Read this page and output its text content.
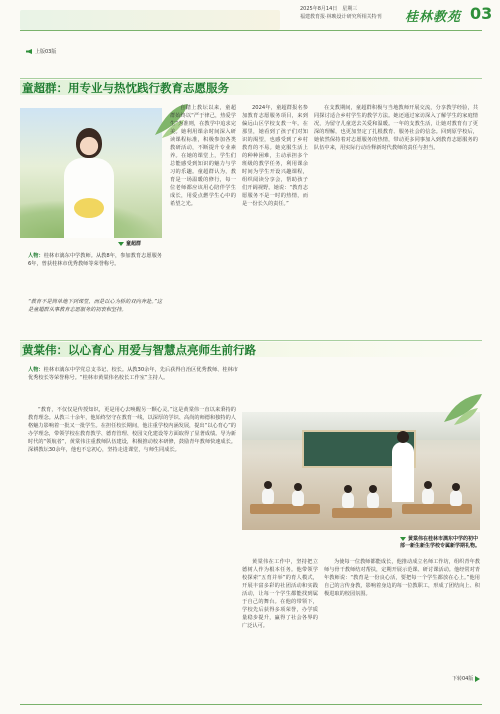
2025年8月14日　星期三
福建教育报·林映设计研究所相关特刊 桂林教苑 03
上版03版
童超群：用专业与热忱践行教育志愿服务
童超群
人物：桂林市漓东中学教师。从教8年，参加教育志愿服务6年，曾获桂林市优秀教师等荣誉称号。
“教育不是简单地下到课堂，而是以心为桥的双向奔赴。”这是童超群从事教育志愿服务的初衷和坚持。
自踏上教坛以来，童超群始终以“严于律己，热爱学生”为准则，在教学中追求完美。她利用课余时间深入研读课程标准，积极参加各类教研活动，不断提升专业素养。在她的课堂上，学生们总能感受到知识的魅力与学习的乐趣。童超群认为，教育是一场温暖的修行，每一位老师都应该用心陪伴学生成长，用爱点燃学生心中的希望之光。
2024年，童超群报名参加教育志愿服务项目，来到偏远山区学校支教一年。在那里，她看到了孩子们对知识的渴望，也感受到了乡村教育的不易。她克服生活上的种种困难，主动承担多个班级的教学任务，利用课余时间为学生开设兴趣课程，组织阅读分享会，帮助孩子们开阔视野。她说：“教育志愿服务不是一时的热情，而是一份长久的责任。”
在支教期间，童超群积极与当地教师开展交流，分享教学经验，共同探讨适合乡村学生的教学方法。她还通过家访深入了解学生的家庭情况，为留守儿童送去关爱和温暖。一年的支教生活，让她对教育有了更深的理解，也更加坚定了扎根教育、服务社会的信念。回到原学校后，她依然保持着对志愿服务的热情，带动更多同事加入到教育志愿服务的队伍中来，用实际行动诠释新时代教师的责任与担当。
黄棠伟：以心育心 用爱与智慧点亮师生前行路
人物：桂林市漓东中学党总支书记、校长。从教30余年，先后获得自治区优秀教师、桂林市优秀校长等荣誉称号。“桂林市黄棠伟名校长工作室”主持人。
“教育，不仅仅是传授知识，更是用心去唤醒另一颗心灵。”这是黄棠伟一直以来秉持的教育理念。从教三十余年，他始终坚守在教育一线，以深厚的学识、高尚的师德和独特的人格魅力影响着一批又一批学生。在担任校长期间，他注重学校内涵发展，提出“以心育心”的办学理念，带领学校在教育教学、德育管理、校园文化建设等方面取得了显著成绩。导为新时代的“领航者”，黄棠伟注重教师队伍建设，积极推动校本研修，鼓励青年教师快速成长。深耕教坛30余年，他也不忘初心，坚持走进课堂，与师生同成长。
黄棠伟在桂林市漓东中学的初中部一新生新生学校专属新学期礼物。
黄棠伟在工作中，坚持把立德树人作为根本任务。他带领学校探索“五育并举”的育人模式，开展丰富多彩的社团活动和实践活动，让每一个学生都能找到属于自己的舞台。在他的带领下，学校先后获得多项荣誉，办学质量稳步提升，赢得了社会各界的广泛认可。
为使每一位教师都能成长，他推动成立名师工作坊，组织青年教师与骨干教师结对帮扶，定期开展示范课、研讨课活动。他经常对青年教师说：“教育是一份良心活，要把每一个学生都放在心上。”他用自己的言传身教，影响着身边的每一位教职工，形成了团结向上、积极进取的校园氛围。
下转04版
